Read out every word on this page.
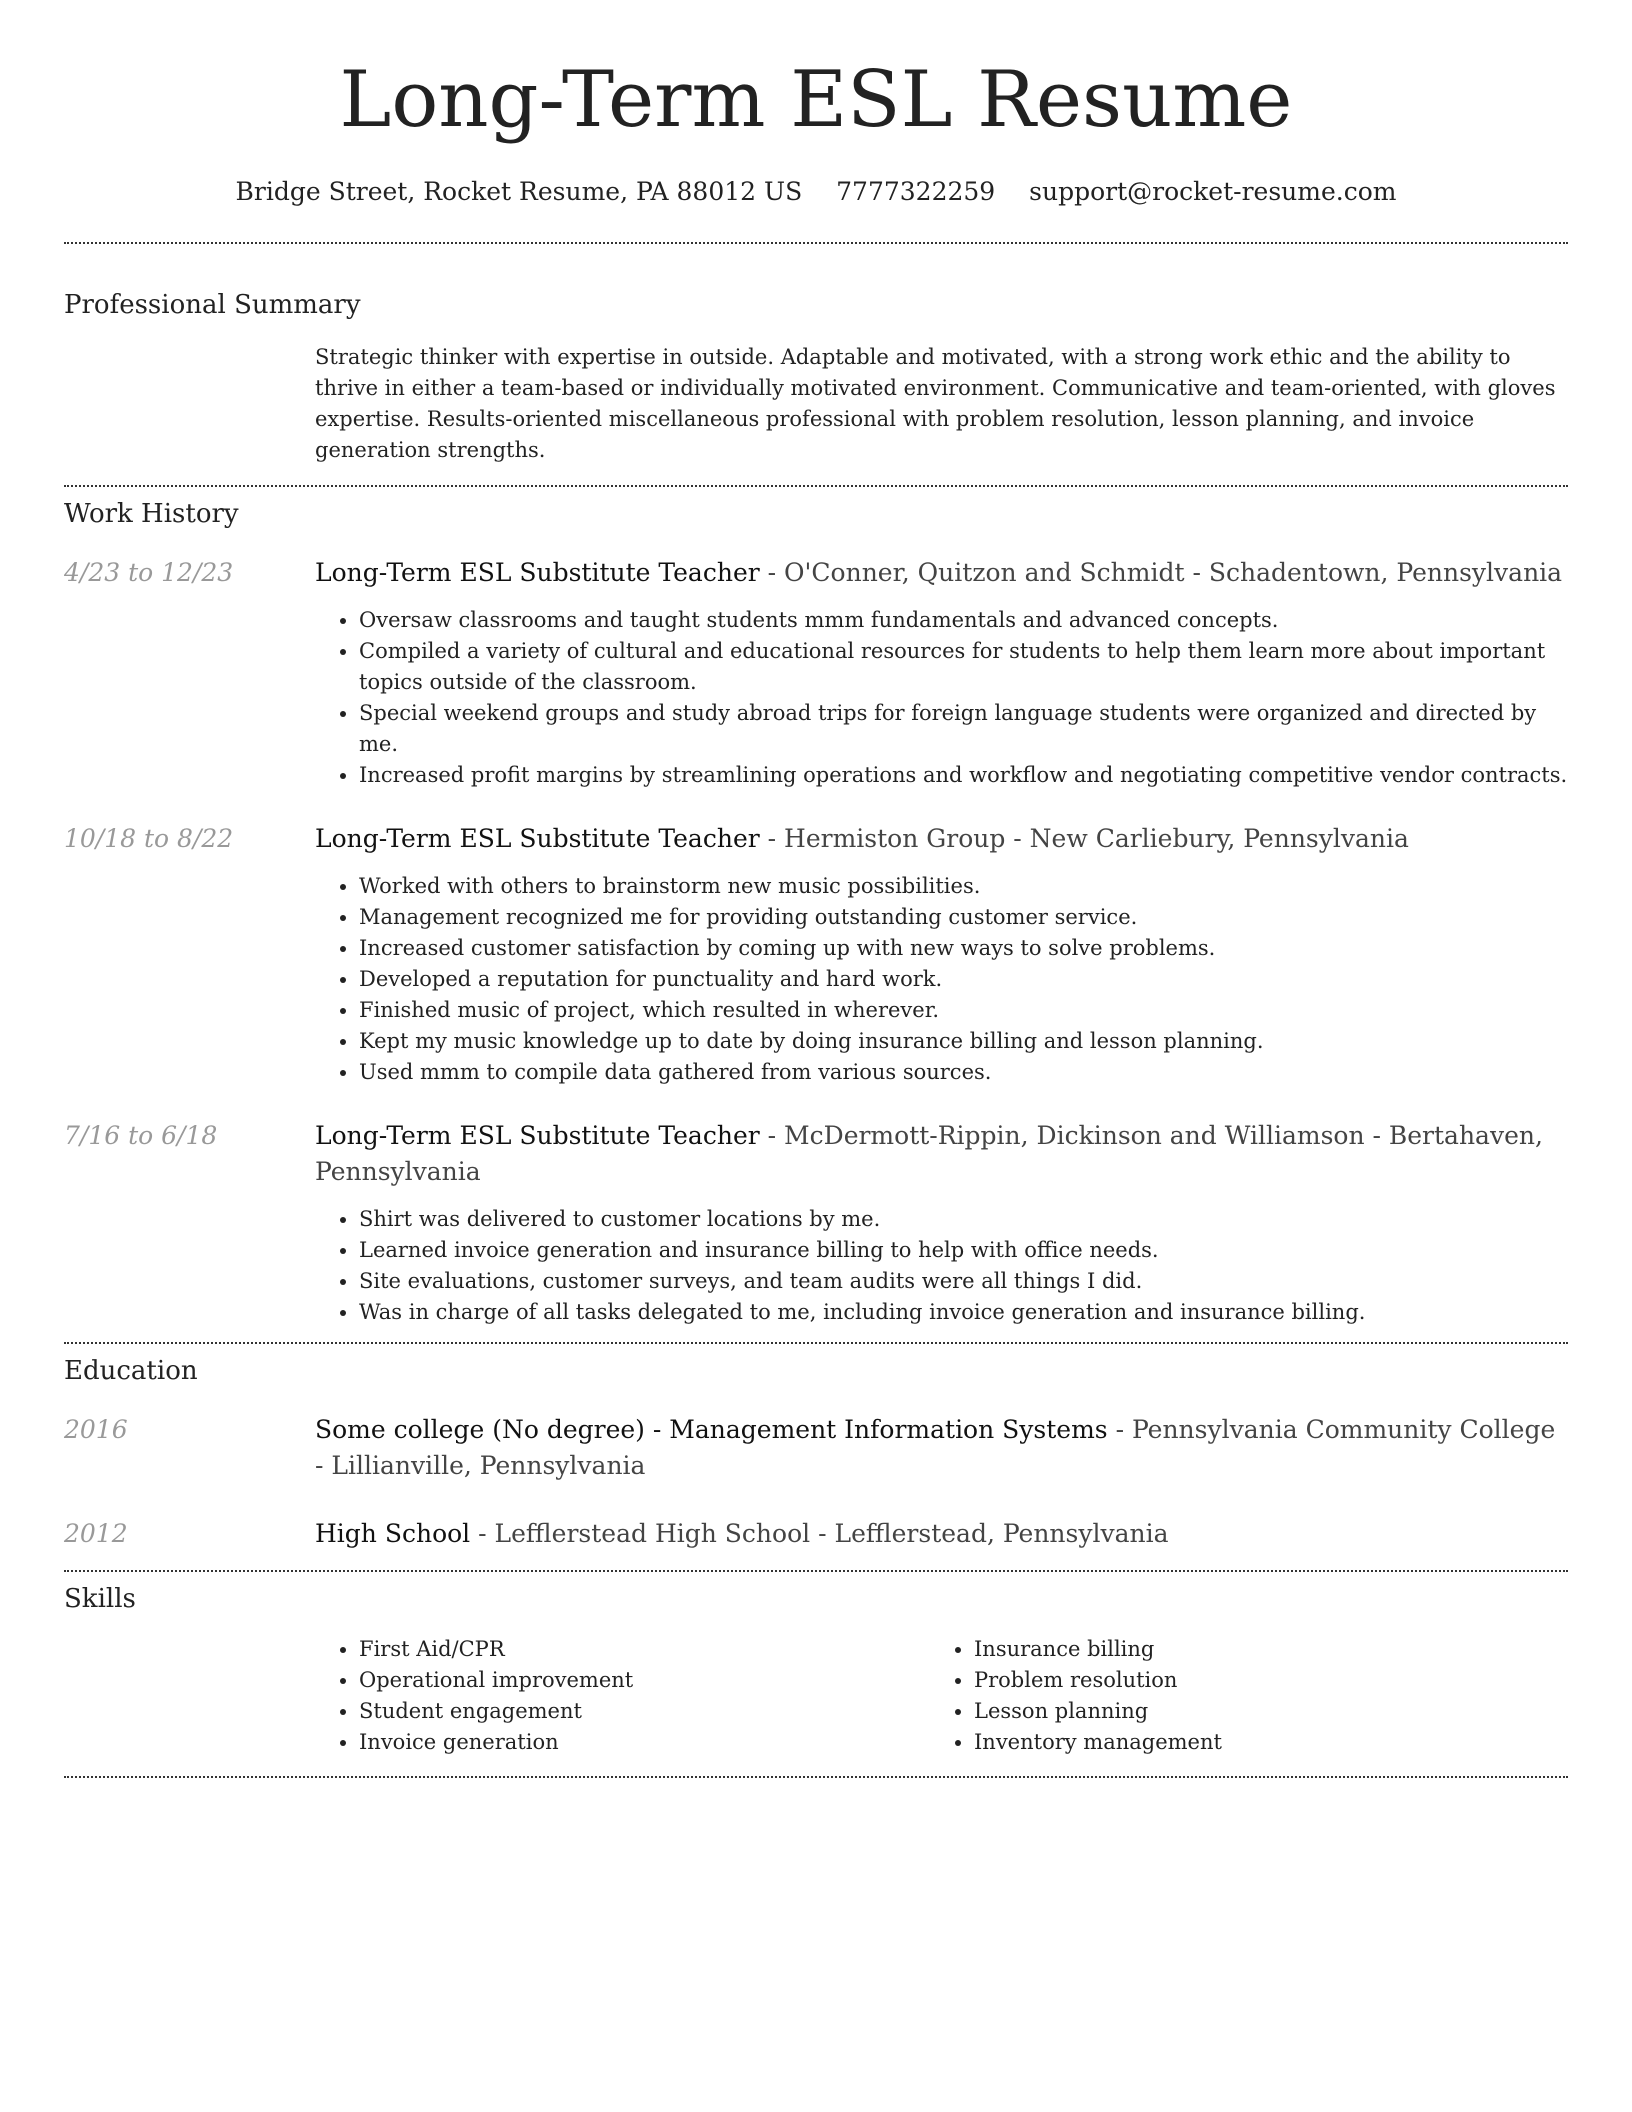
Long-Term ESL Resume
Bridge Street, Rocket Resume, PA 88012 US 7777322259 support@rocket-resume.com
Professional Summary
Strategic thinker with expertise in outside. Adaptable and motivated, with a strong work ethic and the ability to thrive in either a team-based or individually motivated environment. Communicative and team-oriented, with gloves expertise. Results-oriented miscellaneous professional with problem resolution, lesson planning, and invoice generation strengths.
Work History
4/23 to 12/23	Long-Term ESL Substitute Teacher - O'Conner, Quitzon and Schmidt - Schadentown, Pennsylvania
• Oversaw classrooms and taught students mmm fundamentals and advanced concepts.
• Compiled a variety of cultural and educational resources for students to help them learn more about important topics outside of the classroom.
• Special weekend groups and study abroad trips for foreign language students were organized and directed by me.
• Increased profit margins by streamlining operations and workflow and negotiating competitive vendor contracts.
10/18 to 8/22	Long-Term ESL Substitute Teacher - Hermiston Group - New Carliebury, Pennsylvania
• Worked with others to brainstorm new music possibilities.
• Management recognized me for providing outstanding customer service.
• Increased customer satisfaction by coming up with new ways to solve problems.
• Developed a reputation for punctuality and hard work.
• Finished music of project, which resulted in wherever.
• Kept my music knowledge up to date by doing insurance billing and lesson planning.
• Used mmm to compile data gathered from various sources.
7/16 to 6/18	Long-Term ESL Substitute Teacher - McDermott-Rippin, Dickinson and Williamson - Bertahaven, Pennsylvania
• Shirt was delivered to customer locations by me.
• Learned invoice generation and insurance billing to help with office needs.
• Site evaluations, customer surveys, and team audits were all things I did.
• Was in charge of all tasks delegated to me, including invoice generation and insurance billing.
Education
2016	Some college (No degree) - Management Information Systems - Pennsylvania Community College - Lillianville, Pennsylvania
2012	High School - Lefflerstead High School - Lefflerstead, Pennsylvania
Skills
• First Aid/CPR
• Operational improvement
• Student engagement
• Invoice generation
• Insurance billing
• Problem resolution
• Lesson planning
• Inventory management
